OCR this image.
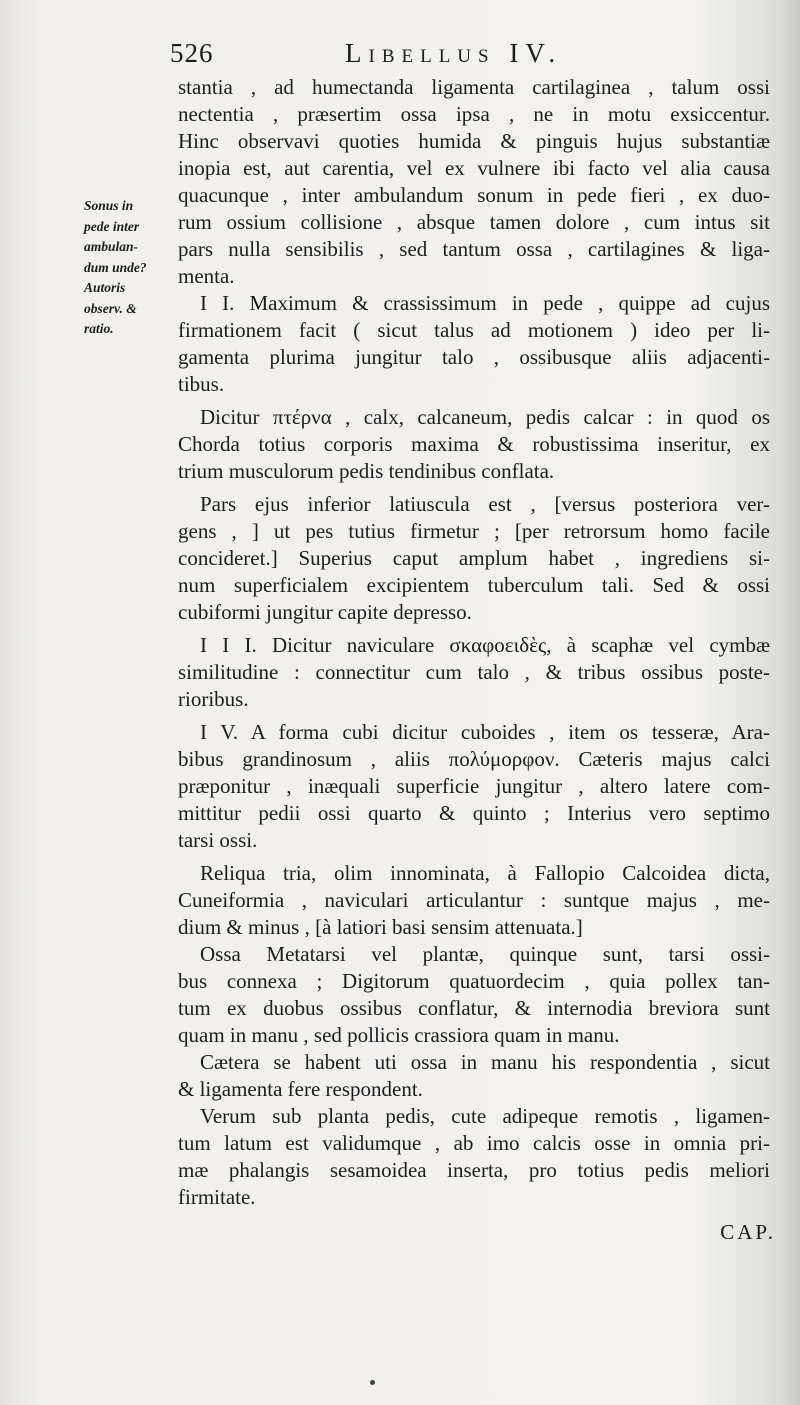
526	Libellus IV.
Sonus in
pede inter
ambulan-
dum unde?
Autoris
observ. &
ratio.
stantia , ad humectanda ligamenta cartilaginea , talum ossi
nectentia , præsertim ossa ipsa , ne in motu exsiccentur.
Hinc observavi quoties humida & pinguis hujus substantiæ
inopia est, aut carentia, vel ex vulnere ibi facto vel alia causa
quacunque , inter ambulandum sonum in pede fieri , ex duo-
rum ossium collisione , absque tamen dolore , cum intus sit
pars nulla sensibilis , sed tantum ossa , cartilagines & liga-
menta.
I I. Maximum & crassissimum in pede , quippe ad cujus
firmationem facit ( sicut talus ad motionem ) ideo per li-
gamenta plurima jungitur talo , ossibusque aliis adjacenti-
tibus.
Dicitur πτέρνα , calx, calcaneum, pedis calcar : in quod os
Chorda totius corporis maxima & robustissima inseritur, ex
trium musculorum pedis tendinibus conflata.
Pars ejus inferior latiuscula est , [versus posteriora ver-
gens , ] ut pes tutius firmetur ; [per retrorsum homo facile
concideret.] Superius caput amplum habet , ingrediens si-
num superficialem excipientem tuberculum tali. Sed & ossi
cubiformi jungitur capite depresso.
I I I. Dicitur naviculare σκαφοειδὲς, à scaphæ vel cymbæ
similitudine : connectitur cum talo , & tribus ossibus poste-
rioribus.
I V. A forma cubi dicitur cuboides , item os tesseræ, Ara-
bibus grandinosum , aliis πολύμορφον. Cæteris majus calci
præponitur , inæquali superficie jungitur , altero latere com-
mittitur pedii ossi quarto & quinto ; Interius vero septimo
tarsi ossi.
Reliqua tria, olim innominata, à Fallopio Calcoidea dicta,
Cuneiformia , naviculari articulantur : suntque majus , me-
dium & minus , [à latiori basi sensim attenuata.]
Ossa Metatarsi vel plantæ, quinque sunt, tarsi ossi-
bus connexa ; Digitorum quatuordecim , quia pollex tan-
tum ex duobus ossibus conflatur, & internodia breviora sunt
quam in manu , sed pollicis crassiora quam in manu.
Cætera se habent uti ossa in manu his respondentia , sicut
& ligamenta fere respondent.
Verum sub planta pedis, cute adipeque remotis , ligamen-
tum latum est validumque , ab imo calcis osse in omnia pri-
mæ phalangis sesamoidea inserta, pro totius pedis meliori
firmitate.
CAP.
